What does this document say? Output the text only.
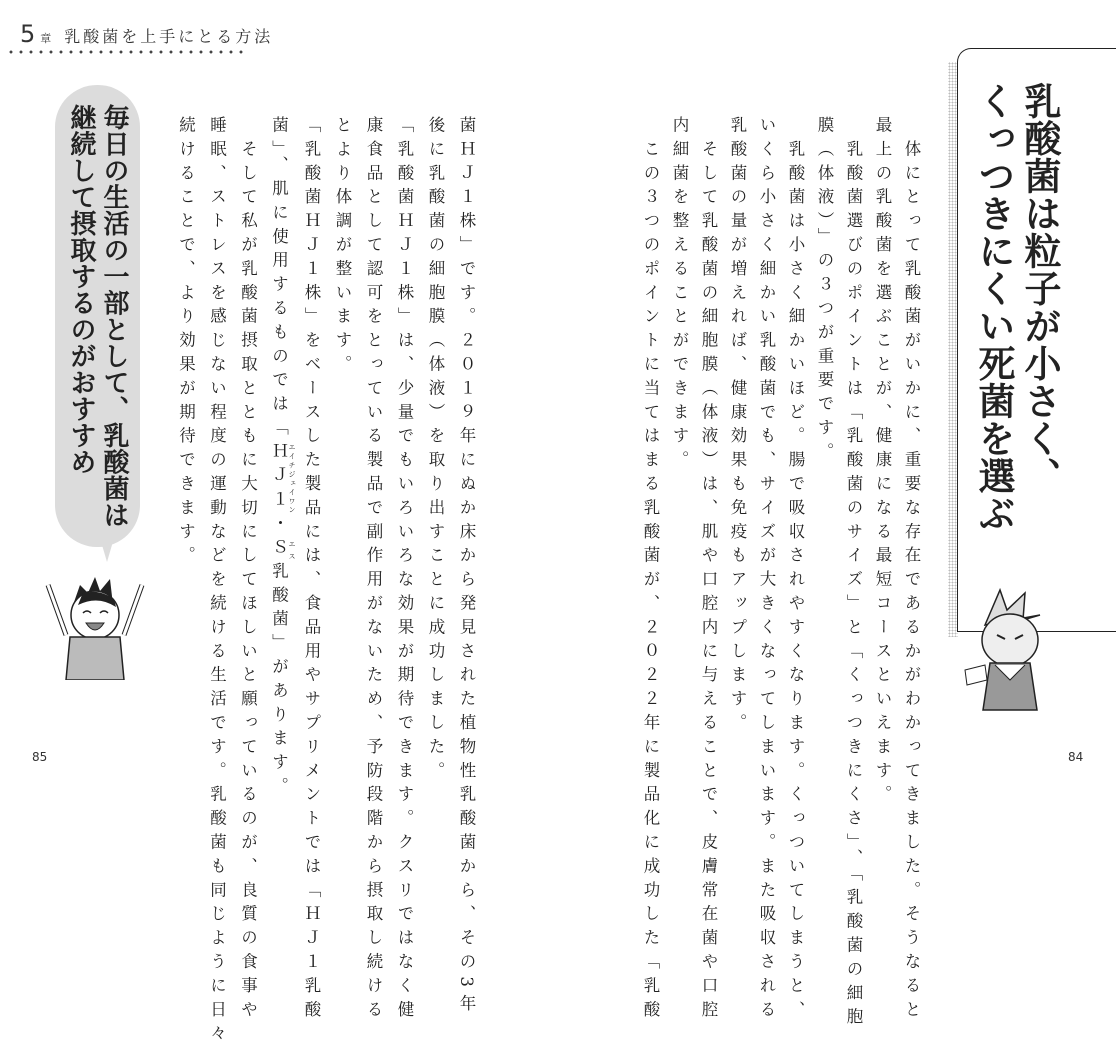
5 章 乳酸菌を上手にとる方法
乳酸菌は粒子が小さく、
くっつきにくい死菌を選ぶ
　体にとって乳酸菌がいかに、重要な存在であるかがわかってきました。そうなると
最上の乳酸菌を選ぶことが、健康になる最短コースといえます。
　乳酸菌選びのポイントは「乳酸菌のサイズ」と「くっつきにくさ」、「乳酸菌の細胞
膜（体液）」の３つが重要です。
　乳酸菌は小さく細かいほど。腸で吸収されやすくなります。くっついてしまうと、
いくら小さく細かい乳酸菌でも、サイズが大きくなってしまいます。また吸収される
乳酸菌の量が増えれば、健康効果も免疫もアップします。
　そして乳酸菌の細胞膜（体液）は、肌や口腔内に与えることで、皮膚常在菌や口腔
内細菌を整えることができます。
　この３つのポイントに当てはまる乳酸菌が、２０２２年に製品化に成功した「乳酸	84
菌ＨＪ１株」です。２０１９年にぬか床から発見された植物性乳酸菌から、その3年
後に乳酸菌の細胞膜（体液）を取り出すことに成功しました。
「乳酸菌ＨＪ１株」は、少量でもいろいろな効果が期待できます。クスリではなく健
康食品として認可をとっている製品で副作用がないため、予防段階から摂取し続ける
とより体調が整います。
「乳酸菌ＨＪ１株」をベースした製品には、食品用やサプリメントでは「ＨＪ１乳酸
菌」、肌に使用するものでは「ＨＪ１ エイチジェイワン・Ｓ エス乳酸菌」があります。
　そして私が乳酸菌摂取とともに大切にしてほしいと願っているのが、良質の食事や
睡眠、ストレスを感じない程度の運動などを続ける生活です。乳酸菌も同じように日々
続けることで、より効果が期待できます。
毎日の生活の一部として、乳酸菌は
継続して摂取するのがおすすめ
85
